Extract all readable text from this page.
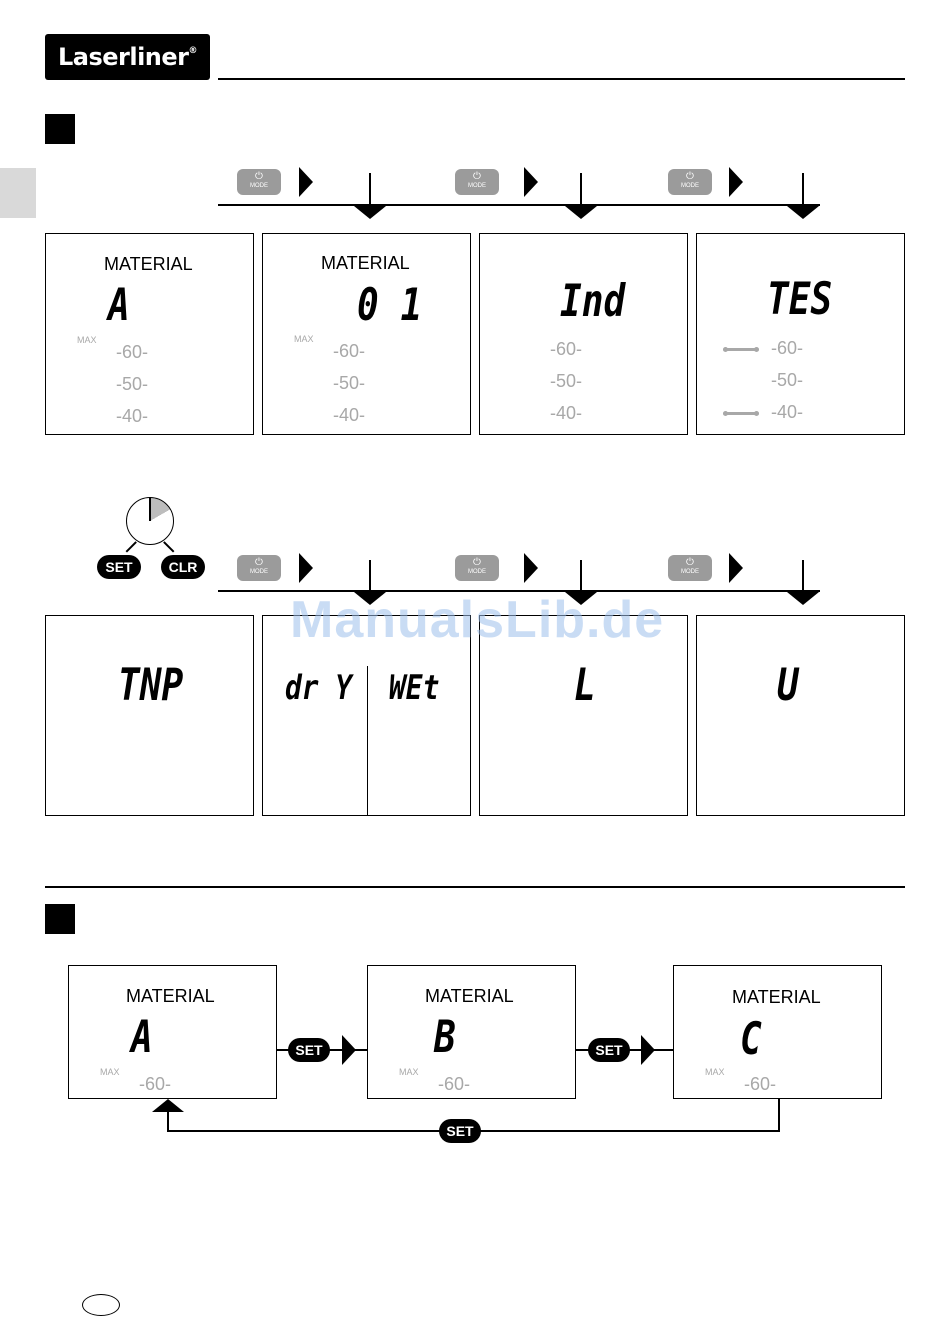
Laserliner®
⏻
MODE
⏻
MODE
⏻
MODE
MATERIAL
A
MAX
-60-
-50-
-40-
MATERIAL
0 1
MAX
-60-
-50-
-40-
Ind
-60-
-50-
-40-
TES
-60-
-50-
-40-
SET	CLR	⏻
MODE
⏻
MODE
⏻
MODE
TNP	dr Y WEt	L	U
ManualsLib.de
MATERIAL
A
MAX
-60-
MATERIAL
B
MAX
-60-
MATERIAL
C
MAX
-60-
SET	SET
SET
